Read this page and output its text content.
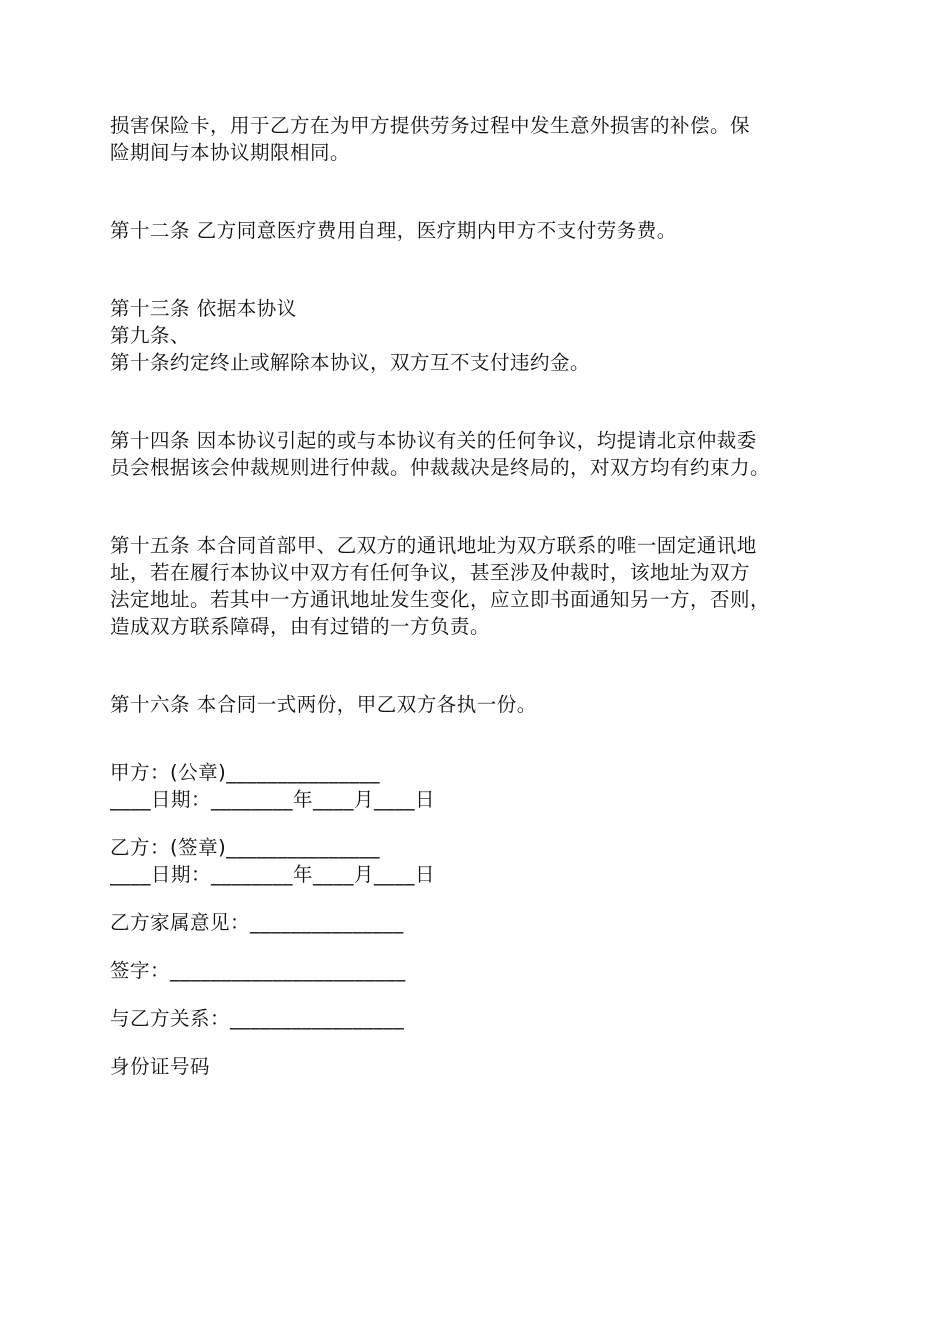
损害保险卡，用于乙方在为甲方提供劳务过程中发生意外损害的补偿。保
险期间与本协议期限相同。
第十二条 乙方同意医疗费用自理，医疗期内甲方不支付劳务费。
第十三条 依据本协议
第九条、
第十条约定终止或解除本协议，双方互不支付违约金。
第十四条 因本协议引起的或与本协议有关的任何争议，均提请北京仲裁委
员会根据该会仲裁规则进行仲裁。仲裁裁决是终局的，对双方均有约束力。
第十五条 本合同首部甲、乙双方的通讯地址为双方联系的唯一固定通讯地
址，若在履行本协议中双方有任何争议，甚至涉及仲裁时，该地址为双方
法定地址。若其中一方通讯地址发生变化，应立即书面通知另一方，否则，
造成双方联系障碍，由有过错的一方负责。
第十六条 本合同一式两份，甲乙双方各执一份。
甲方：(公章)_______________
____日期：________年____月____日
乙方：(签章)_______________
____日期：________年____月____日
乙方家属意见：_______________
签字：_______________________
与乙方关系：_________________
身份证号码
